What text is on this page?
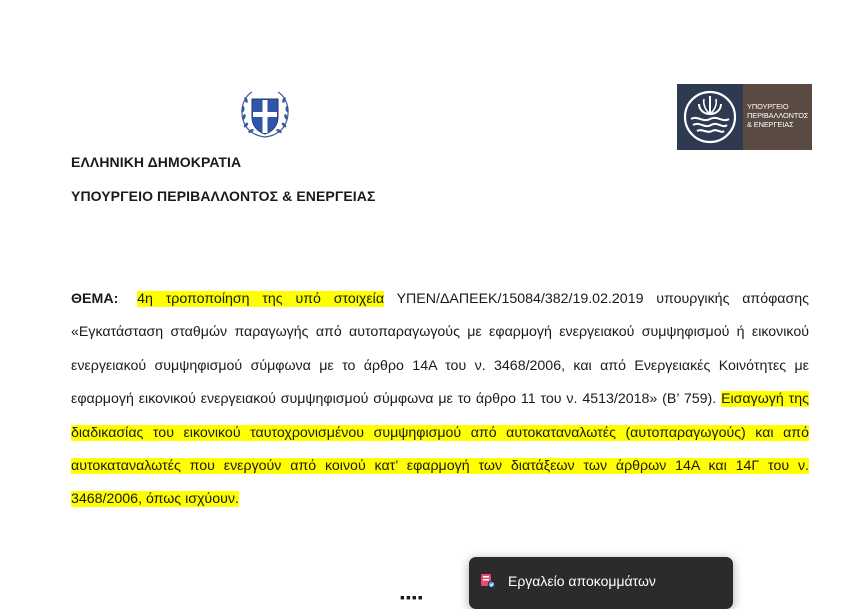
ΥΠΟΥΡΓΕΙΟ
ΠΕΡΙΒΑΛΛΟΝΤΟΣ
& ΕΝΕΡΓΕΙΑΣ
ΕΛΛΗΝΙΚΗ ΔΗΜΟΚΡΑΤΙΑ
ΥΠΟΥΡΓΕΙΟ ΠΕΡΙΒΑΛΛΟΝΤΟΣ & ΕΝΕΡΓΕΙΑΣ
ΘΕΜΑ: 4η τροποποίηση της υπό στοιχεία ΥΠΕΝ/ΔΑΠΕΕΚ/15084/382/19.02.2019 υπουργικής απόφασης «Εγκατάσταση σταθμών παραγωγής από αυτοπαραγωγούς με εφαρμογή ενεργειακού συμψηφισμού ή εικονικού ενεργειακού συμψηφισμού σύμφωνα με το άρθρο 14Α του ν. 3468/2006, και από Ενεργειακές Κοινότητες με εφαρμογή εικονικού ενεργειακού συμψηφισμού σύμφωνα με το άρθρο 11 του ν. 4513/2018» (Β’ 759). Εισαγωγή της διαδικασίας του εικονικού ταυτοχρονισμένου συμψηφισμού από αυτοκαταναλωτές (αυτοπαραγωγούς) και από αυτοκαταναλωτές που ενεργούν από κοινού κατ’ εφαρμογή των διατάξεων των άρθρων 14Α και 14Γ του ν. 3468/2006, όπως ισχύουν.
▪▪▪▪
Εργαλείο αποκομμάτων
